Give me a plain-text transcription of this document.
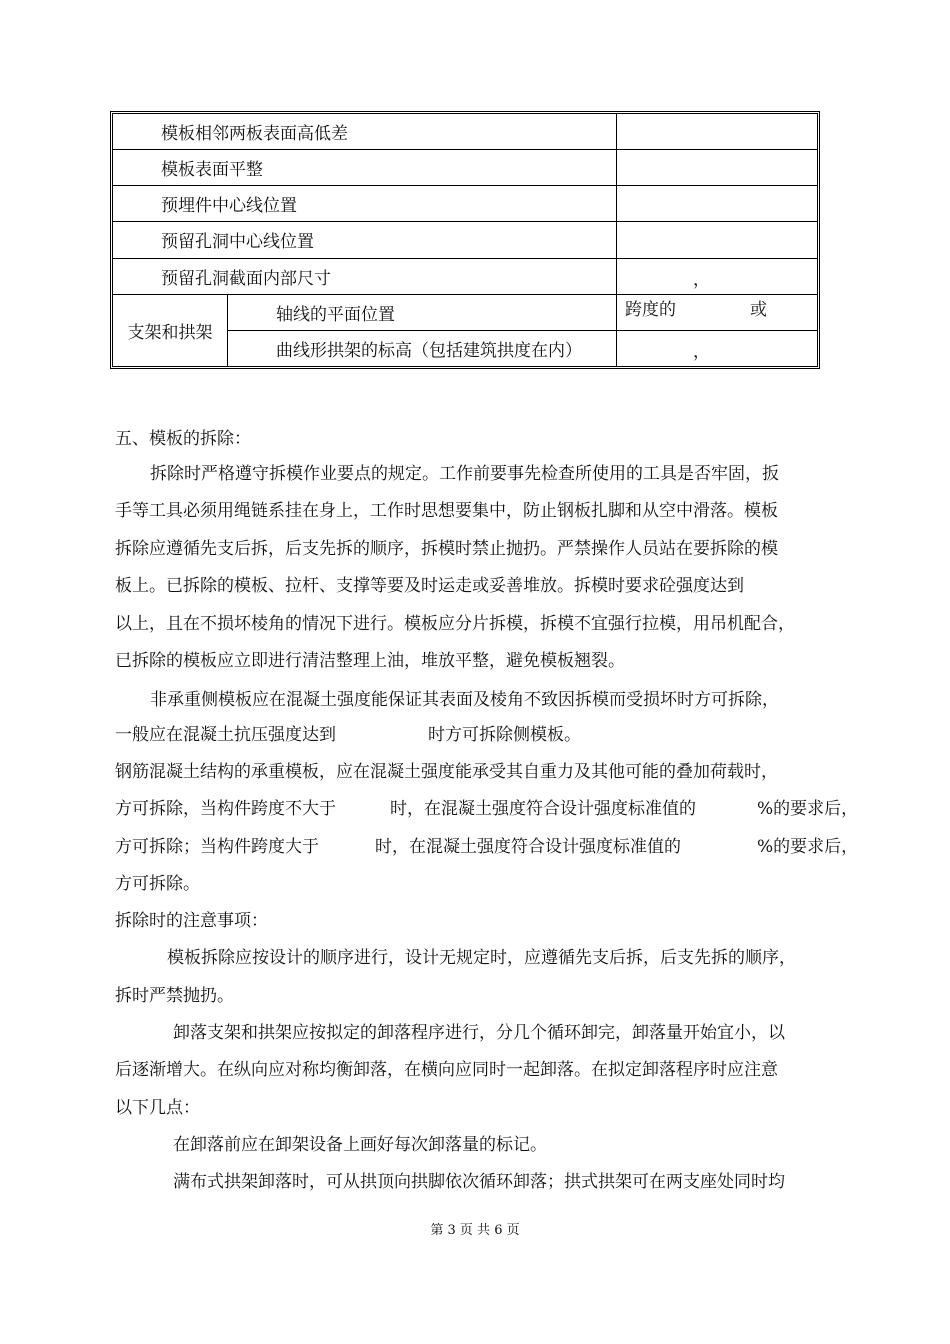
模板相邻两板表面高低差		
模板表面平整		
预埋件中心线位置		
预留孔洞中心线位置		
预留孔洞截面内部尺寸		，

支架和拱架	轴线的平面位置	跨度的 或

	曲线形拱架的标高（包括建筑拱度在内）	，
五、模板的拆除：
拆除时严格遵守拆模作业要点的规定。工作前要事先检查所使用的工具是否牢固，扳
手等工具必须用绳链系挂在身上，工作时思想要集中，防止钢板扎脚和从空中滑落。模板
拆除应遵循先支后拆，后支先拆的顺序，拆模时禁止抛扔。严禁操作人员站在要拆除的模
板上。已拆除的模板、拉杆、支撑等要及时运走或妥善堆放。拆模时要求砼强度达到
以上，且在不损坏棱角的情况下进行。模板应分片拆模，拆模不宜强行拉模，用吊机配合，
已拆除的模板应立即进行清洁整理上油，堆放平整，避免模板翘裂。
非承重侧模板应在混凝土强度能保证其表面及棱角不致因拆模而受损坏时方可拆除，
一般应在混凝土抗压强度达到	时方可拆除侧模板。
钢筋混凝土结构的承重模板，应在混凝土强度能承受其自重力及其他可能的叠加荷载时，
方可拆除，当构件跨度不大于	时，在混凝土强度符合设计强度标准值的	%的要求后，
方可拆除；当构件跨度大于	时，在混凝土强度符合设计强度标准值的	%的要求后，
方可拆除。
拆除时的注意事项：
模板拆除应按设计的顺序进行，设计无规定时，应遵循先支后拆，后支先拆的顺序，
拆时严禁抛扔。
卸落支架和拱架应按拟定的卸落程序进行，分几个循环卸完，卸落量开始宜小，以
后逐渐增大。在纵向应对称均衡卸落，在横向应同时一起卸落。在拟定卸落程序时应注意
以下几点：
在卸落前应在卸架设备上画好每次卸落量的标记。
满布式拱架卸落时，可从拱顶向拱脚依次循环卸落；拱式拱架可在两支座处同时均
第 3 页 共 6 页
